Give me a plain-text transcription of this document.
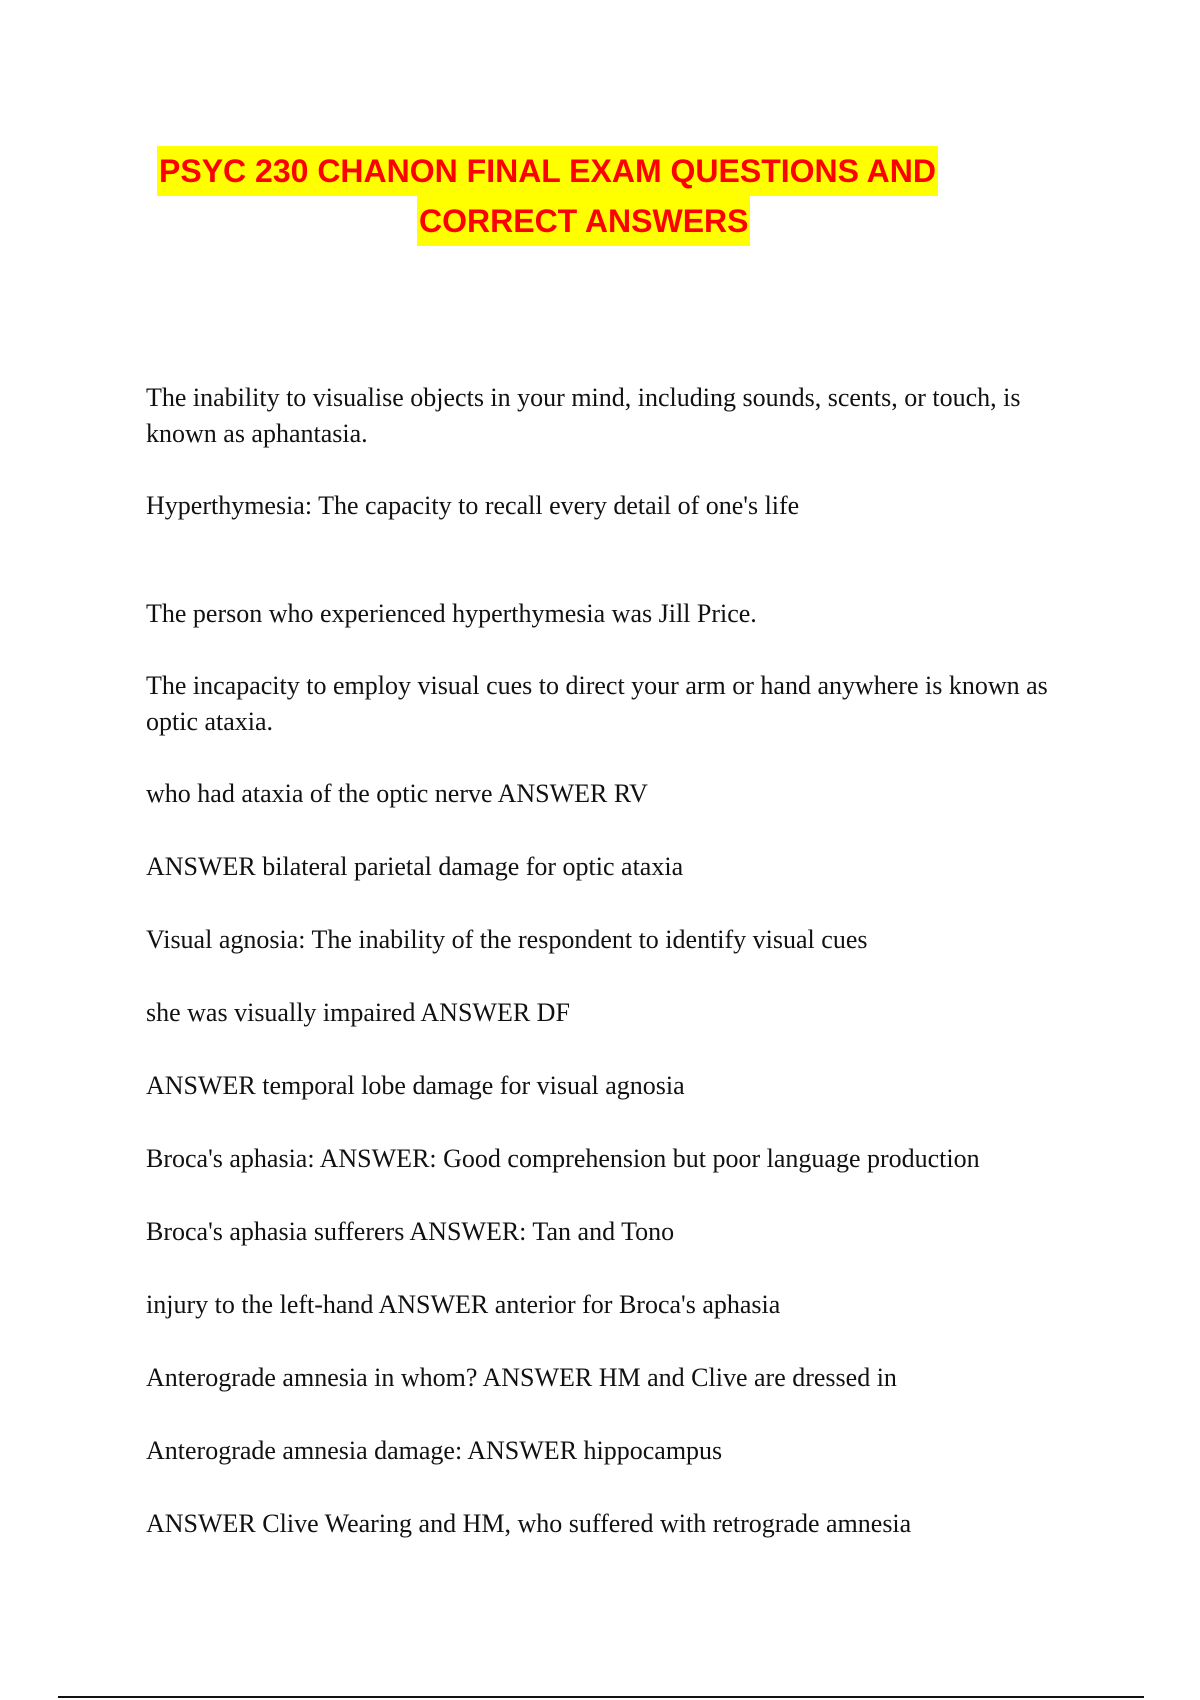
PSYC 230 CHANON FINAL EXAM QUESTIONS AND
CORRECT ANSWERS

The inability to visualise objects in your mind, including sounds, scents, or touch, is known as aphantasia.

Hyperthymesia: The capacity to recall every detail of one's life

The person who experienced hyperthymesia was Jill Price.

The incapacity to employ visual cues to direct your arm or hand anywhere is known as optic ataxia.

who had ataxia of the optic nerve ANSWER RV

ANSWER bilateral parietal damage for optic ataxia

Visual agnosia: The inability of the respondent to identify visual cues

she was visually impaired ANSWER DF

ANSWER temporal lobe damage for visual agnosia

Broca's aphasia: ANSWER: Good comprehension but poor language production

Broca's aphasia sufferers ANSWER: Tan and Tono

injury to the left-hand ANSWER anterior for Broca's aphasia

Anterograde amnesia in whom? ANSWER HM and Clive are dressed in

Anterograde amnesia damage: ANSWER hippocampus

ANSWER Clive Wearing and HM, who suffered with retrograde amnesia
